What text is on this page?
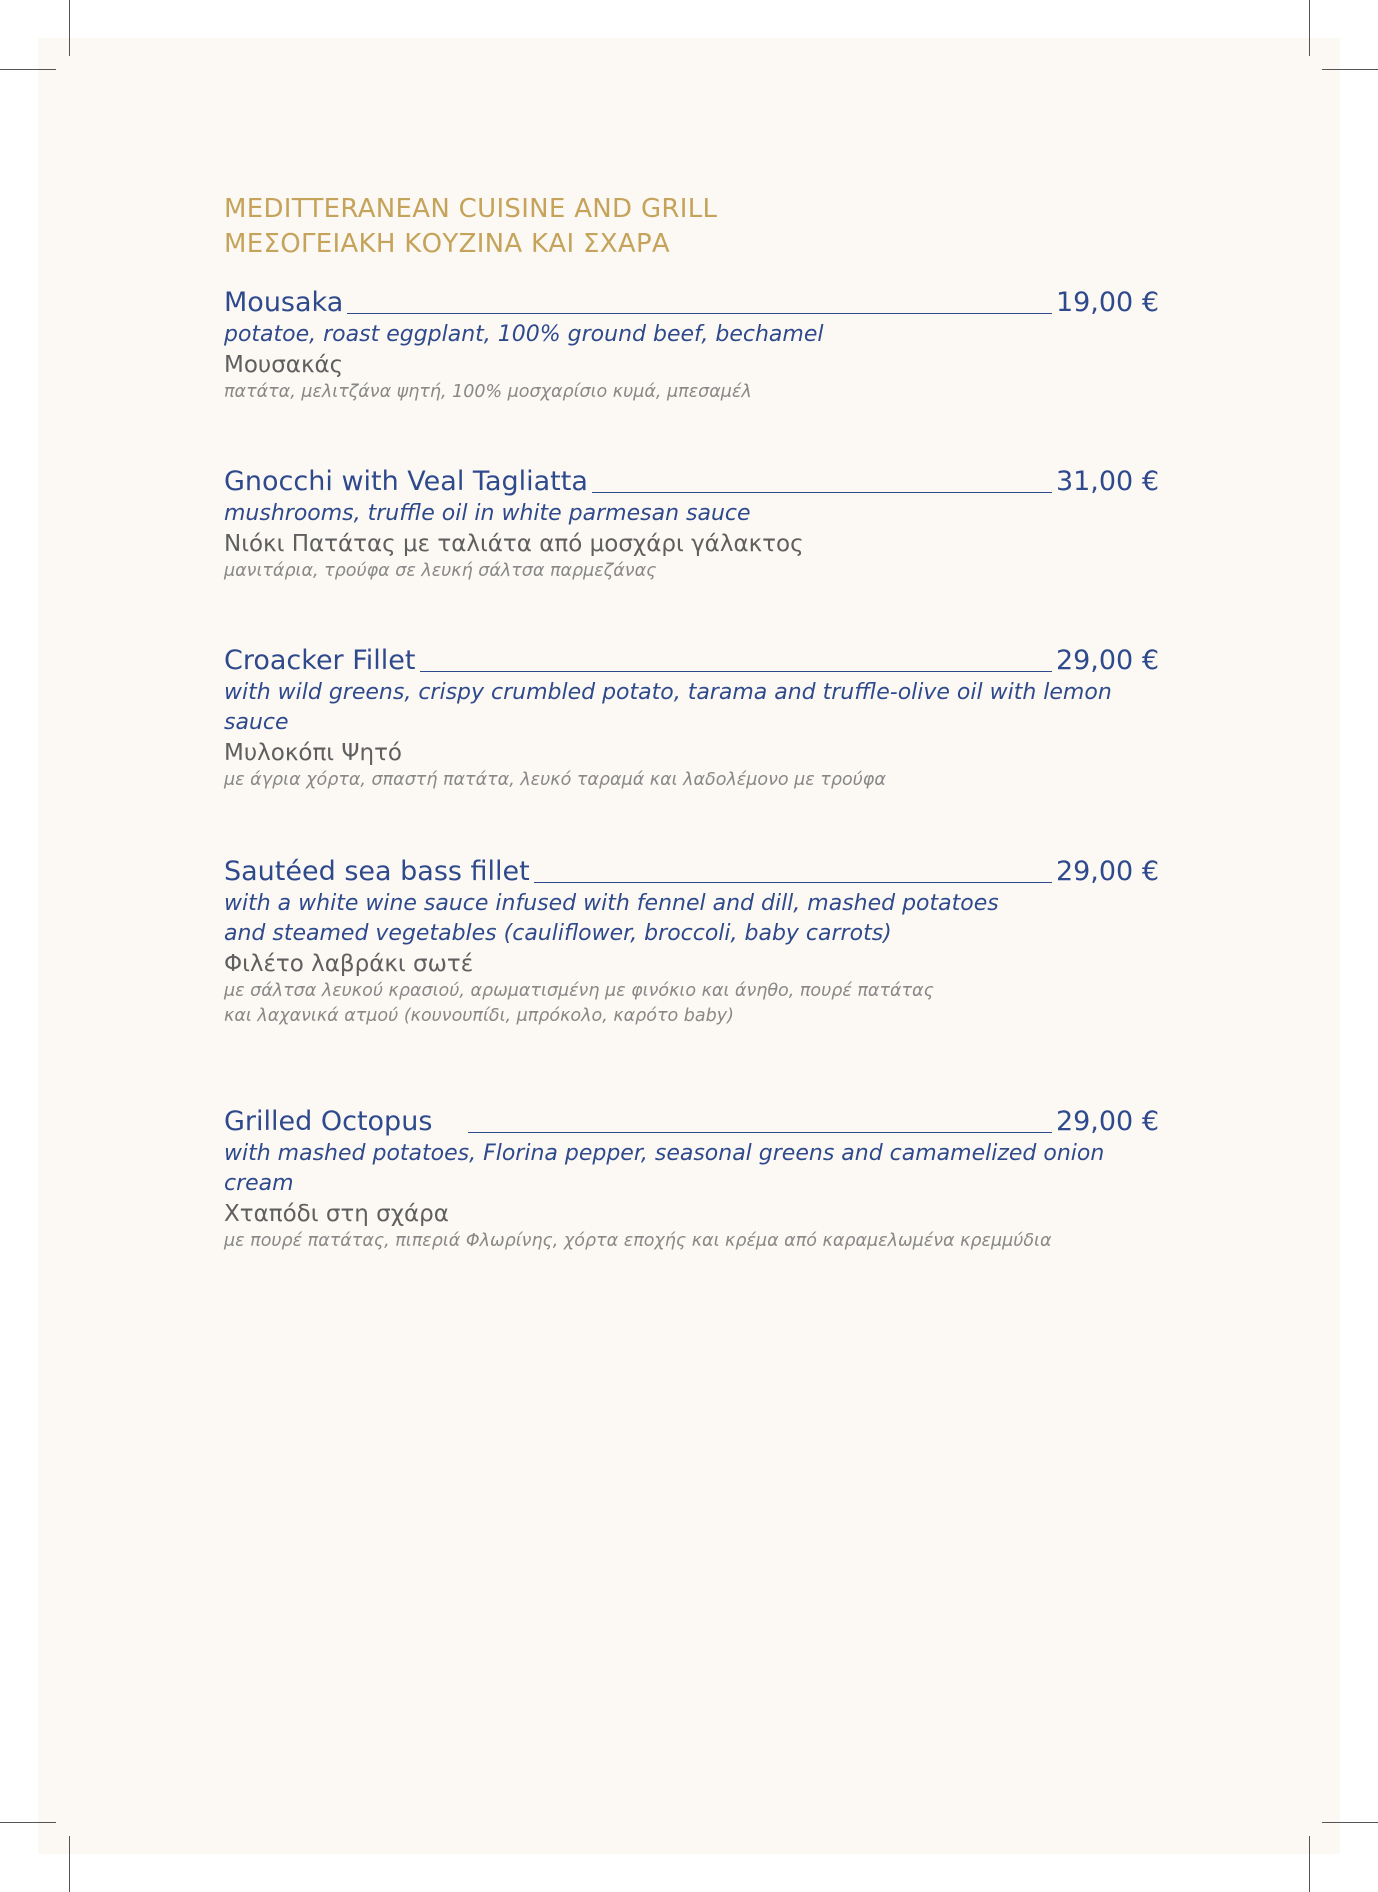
MEDITTERANEAN CUISINE AND GRILL
ΜΕΣΟΓΕΙΑΚΗ ΚΟΥΖΙΝΑ ΚΑΙ ΣΧΑΡΑ
Mousaka	19,00 €
potatoe, roast eggplant, 100% ground beef, bechamel
Μουσακάς
πατάτα, μελιτζάνα ψητή, 100% μοσχαρίσιο κυμά, μπεσαμέλ
Gnocchi with Veal Tagliatta	31,00 €
mushrooms, truffle oil in white parmesan sauce
Νιόκι Πατάτας με ταλιάτα από μοσχάρι γάλακτος
μανιτάρια, τρούφα σε λευκή σάλτσα παρμεζάνας
Croacker Fillet	29,00 €
with wild greens, crispy crumbled potato, tarama and truffle-olive oil with lemon sauce
Μυλοκόπι Ψητό
με άγρια χόρτα, σπαστή πατάτα, λευκό ταραμά και λαδολέμονο με τρούφα
Sautéed sea bass fillet	29,00 €
with a white wine sauce infused with fennel and dill, mashed potatoes
and steamed vegetables (cauliflower, broccoli, baby carrots)
Φιλέτο λαβράκι σωτέ
με σάλτσα λευκού κρασιού, αρωματισμένη με φινόκιο και άνηθο, πουρέ πατάτας
και λαχανικά ατμού (κουνουπίδι, μπρόκολο, καρότο baby)
Grilled Octopus	29,00 €
with mashed potatoes, Florina pepper, seasonal greens and camamelized onion cream
Χταπόδι στη σχάρα
με πουρέ πατάτας, πιπεριά Φλωρίνης, χόρτα εποχής και κρέμα από καραμελωμένα κρεμμύδια
